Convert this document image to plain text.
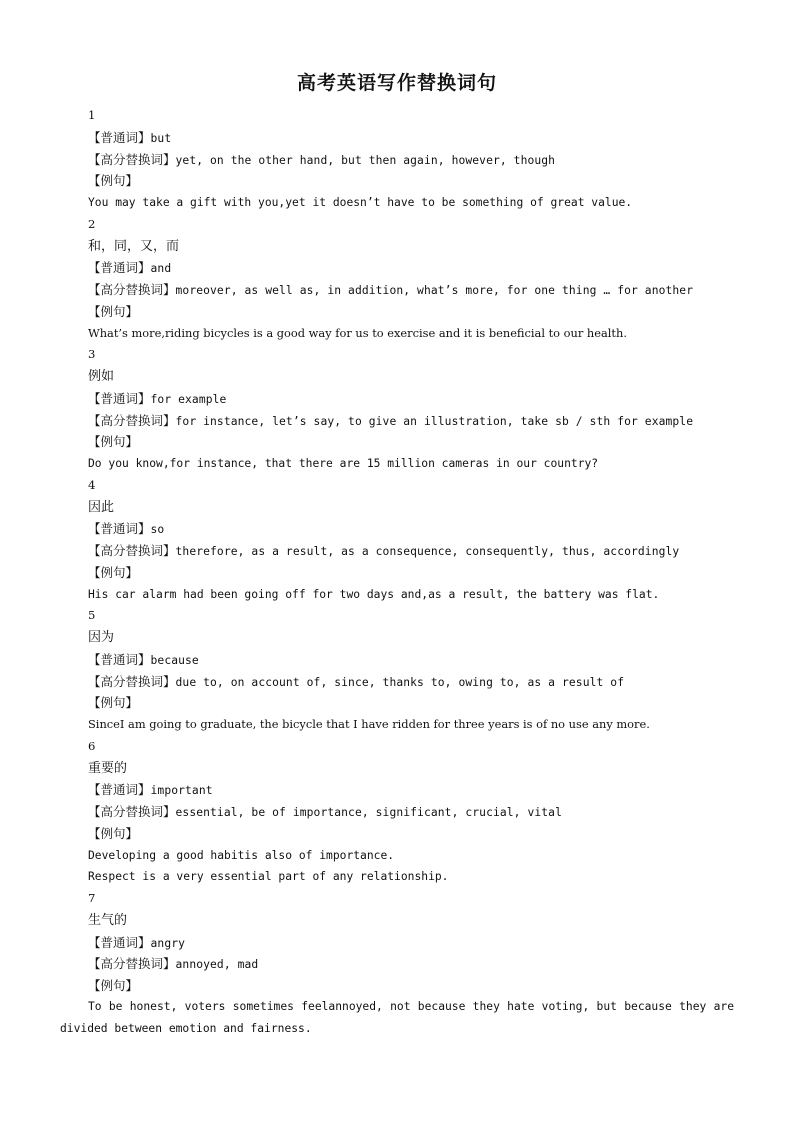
高考英语写作替换词句
1
【普通词】but
【高分替换词】yet, on the other hand, but then again, however, though
【例句】
You may take a gift with you,yet it doesn’t have to be something of great value.
2
和，同，又，而
【普通词】and
【高分替换词】moreover, as well as, in addition, what’s more, for one thing … for another
【例句】
What’s more,riding bicycles is a good way for us to exercise and it is beneficial to our health.
3
例如
【普通词】for example
【高分替换词】for instance, let’s say, to give an illustration, take sb / sth for example
【例句】
Do you know,for instance, that there are 15 million cameras in our country?
4
因此
【普通词】so
【高分替换词】therefore, as a result, as a consequence, consequently, thus, accordingly
【例句】
His car alarm had been going off for two days and,as a result, the battery was flat.
5
因为
【普通词】because
【高分替换词】due to, on account of, since, thanks to, owing to, as a result of
【例句】
SinceI am going to graduate, the bicycle that I have ridden for three years is of no use any more.
6
重要的
【普通词】important
【高分替换词】essential, be of importance, significant, crucial, vital
【例句】
Developing a good habitis also of importance.
Respect is a very essential part of any relationship.
7
生气的
【普通词】angry
【高分替换词】annoyed, mad
【例句】
To be honest, voters sometimes feelannoyed, not because they hate voting, but because they are divided between emotion and fairness.
